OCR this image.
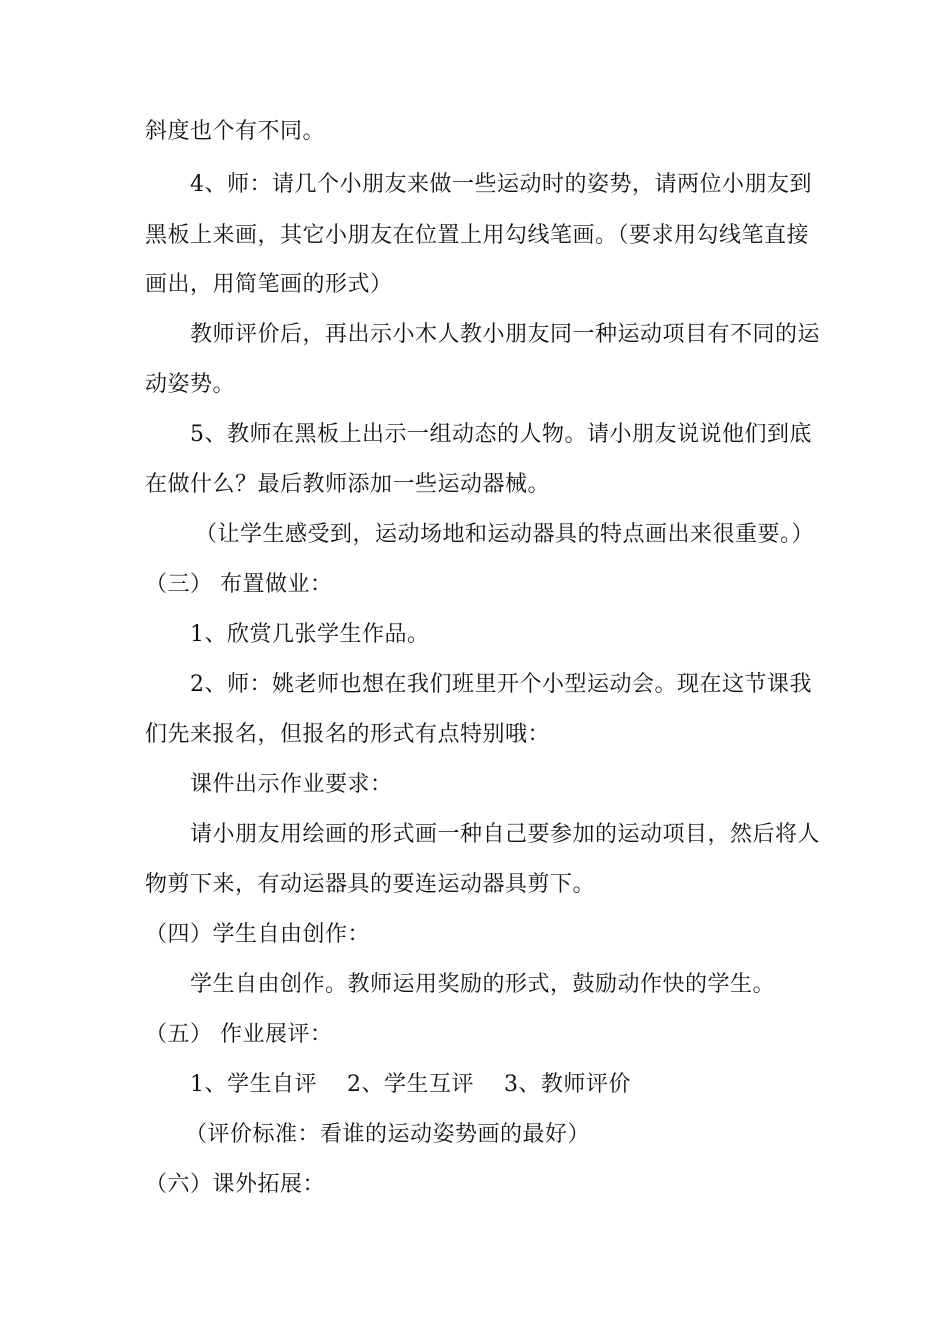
斜度也个有不同。
4、师：请几个小朋友来做一些运动时的姿势，请两位小朋友到
黑板上来画，其它小朋友在位置上用勾线笔画。（要求用勾线笔直接
画出，用简笔画的形式）
教师评价后，再出示小木人教小朋友同一种运动项目有不同的运
动姿势。
5、教师在黑板上出示一组动态的人物。请小朋友说说他们到底
在做什么？最后教师添加一些运动器械。
（让学生感受到，运动场地和运动器具的特点画出来很重要。）
（三） 布置做业：
1、欣赏几张学生作品。
2、师：姚老师也想在我们班里开个小型运动会。现在这节课我
们先来报名，但报名的形式有点特别哦：
课件出示作业要求：
请小朋友用绘画的形式画一种自己要参加的运动项目，然后将人
物剪下来，有动运器具的要连运动器具剪下。
（四）学生自由创作：
学生自由创作。教师运用奖励的形式，鼓励动作快的学生。
（五） 作业展评：
1、学生自评    2、学生互评    3、教师评价
（评价标准：看谁的运动姿势画的最好）
（六）课外拓展：
